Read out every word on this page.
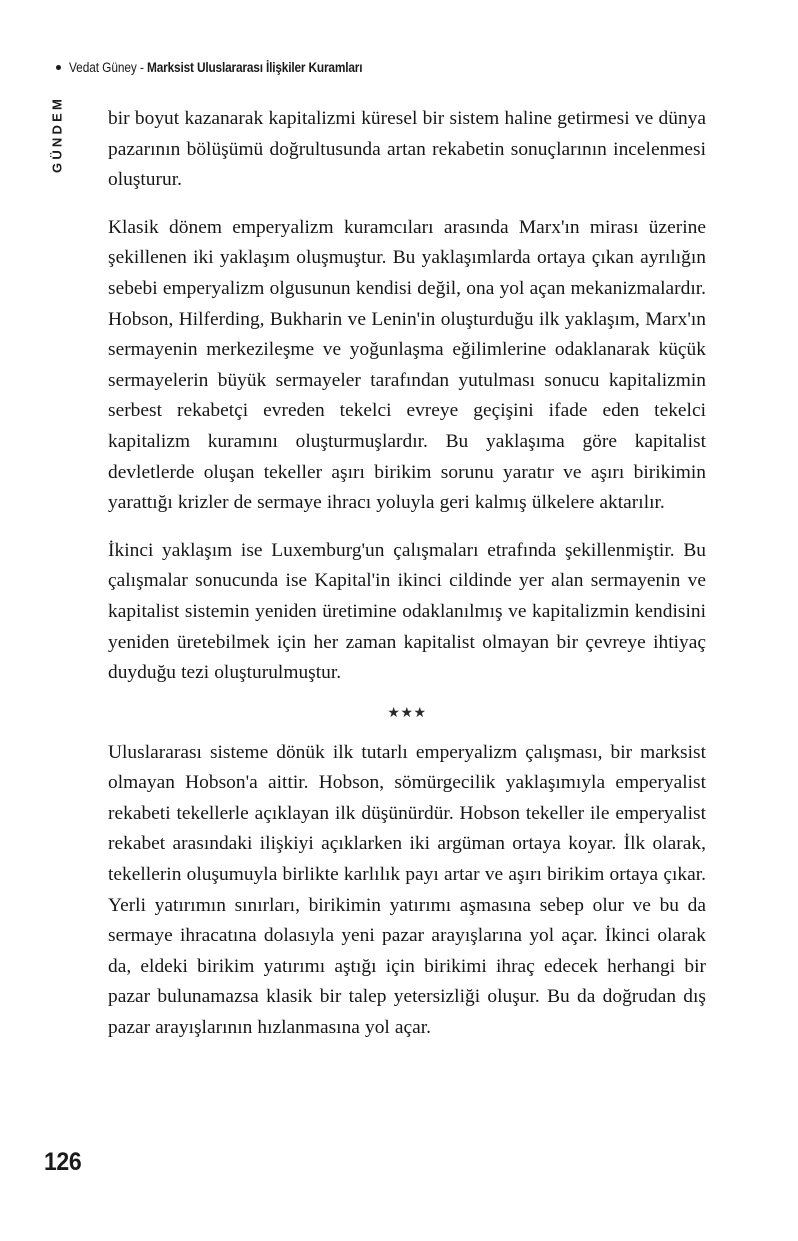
Vedat Güney - Marksist Uluslararası İlişkiler Kuramları
GÜNDEM bir boyut kazanarak kapitalizmi küresel bir sistem haline getirmesi ve dünya pazarının bölüşümü doğrultusunda artan rekabetin sonuçlarının incelenmesi oluşturur.

Klasik dönem emperyalizm kuramcıları arasında Marx'ın mirası üzerine şekillenen iki yaklaşım oluşmuştur. Bu yaklaşımlarda ortaya çıkan ayrılığın sebebi emperyalizm olgusunun kendisi değil, ona yol açan mekanizmalardır. Hobson, Hilferding, Bukharin ve Lenin'in oluşturduğu ilk yaklaşım, Marx'ın sermayenin merkezileşme ve yoğunlaşma eğilimlerine odaklanarak küçük sermayelerin büyük sermayeler tarafından yutulması sonucu kapitalizmin serbest rekabetçi evreden tekelci evreye geçişini ifade eden tekelci kapitalizm kuramını oluşturmuşlardır. Bu yaklaşıma göre kapitalist devletlerde oluşan tekeller aşırı birikim sorunu yaratır ve aşırı birikimin yarattığı krizler de sermaye ihracı yoluyla geri kalmış ülkelere aktarılır.

İkinci yaklaşım ise Luxemburg'un çalışmaları etrafında şekillenmiştir. Bu çalışmalar sonucunda ise Kapital'in ikinci cildinde yer alan sermayenin ve kapitalist sistemin yeniden üretimine odaklanılmış ve kapitalizmin kendisini yeniden üretebilmek için her zaman kapitalist olmayan bir çevreye ihtiyaç duyduğu tezi oluşturulmuştur.

★★★

Uluslararası sisteme dönük ilk tutarlı emperyalizm çalışması, bir marksist olmayan Hobson'a aittir. Hobson, sömürgecilik yaklaşımıyla emperyalist rekabeti tekellerle açıklayan ilk düşünürdür. Hobson tekeller ile emperyalist rekabet arasındaki ilişkiyi açıklarken iki argüman ortaya koyar. İlk olarak, tekellerin oluşumuyla birlikte karlılık payı artar ve aşırı birikim ortaya çıkar. Yerli yatırımın sınırları, birikimin yatırımı aşmasına sebep olur ve bu da sermaye ihracatına dolasıyla yeni pazar arayışlarına yol açar. İkinci olarak da, eldeki birikim yatırımı aştığı için birikimi ihraç edecek herhangi bir pazar bulunamazsa klasik bir talep yetersizliği oluşur. Bu da doğrudan dış pazar arayışlarının hızlanmasına yol açar.

126
